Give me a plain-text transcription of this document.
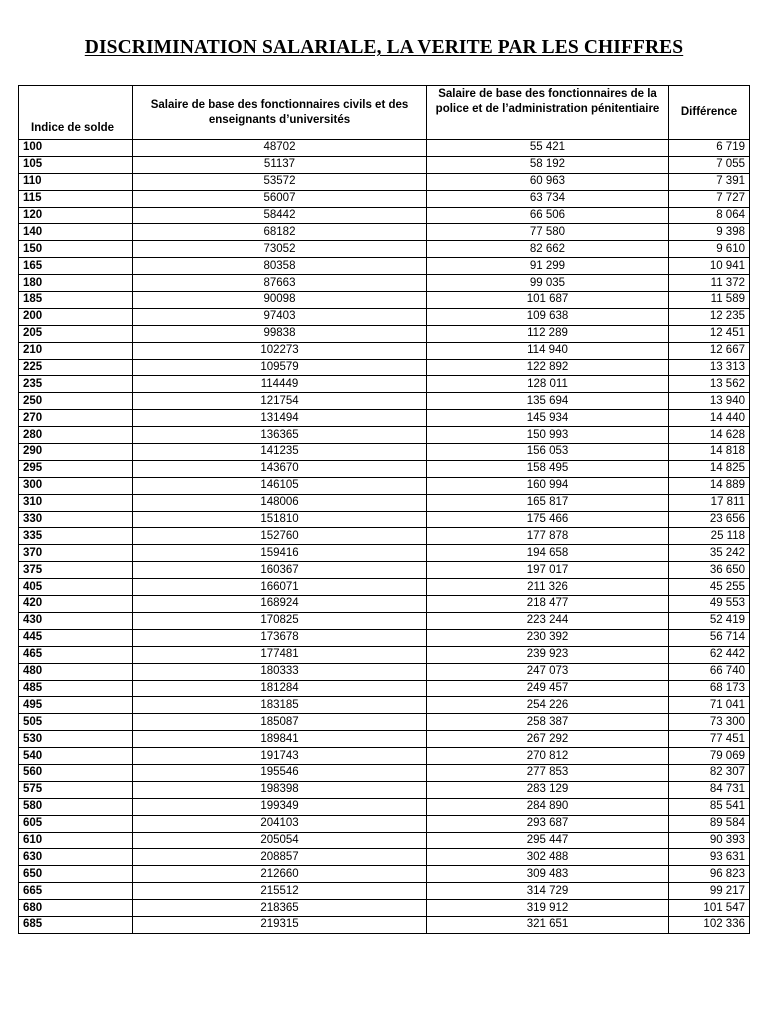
DISCRIMINATION SALARIALE, LA VERITE PAR LES CHIFFRES
Indice de solde	Salaire de base des fonctionnaires civils et des enseignants d’universités	Salaire de base des fonctionnaires de la police et de l’administration pénitentiaire	Différence
100	48702	55 421	6 719
105	51137	58 192	7 055
110	53572	60 963	7 391
115	56007	63 734	7 727
120	58442	66 506	8 064
140	68182	77 580	9 398
150	73052	82 662	9 610
165	80358	91 299	10 941
180	87663	99 035	11 372
185	90098	101 687	11 589
200	97403	109 638	12 235
205	99838	112 289	12 451
210	102273	114 940	12 667
225	109579	122 892	13 313
235	114449	128 011	13 562
250	121754	135 694	13 940
270	131494	145 934	14 440
280	136365	150 993	14 628
290	141235	156 053	14 818
295	143670	158 495	14 825
300	146105	160 994	14 889
310	148006	165 817	17 811
330	151810	175 466	23 656
335	152760	177 878	25 118
370	159416	194 658	35 242
375	160367	197 017	36 650
405	166071	211 326	45 255
420	168924	218 477	49 553
430	170825	223 244	52 419
445	173678	230 392	56 714
465	177481	239 923	62 442
480	180333	247 073	66 740
485	181284	249 457	68 173
495	183185	254 226	71 041
505	185087	258 387	73 300
530	189841	267 292	77 451
540	191743	270 812	79 069
560	195546	277 853	82 307
575	198398	283 129	84 731
580	199349	284 890	85 541
605	204103	293 687	89 584
610	205054	295 447	90 393
630	208857	302 488	93 631
650	212660	309 483	96 823
665	215512	314 729	99 217
680	218365	319 912	101 547
685	219315	321 651	102 336
